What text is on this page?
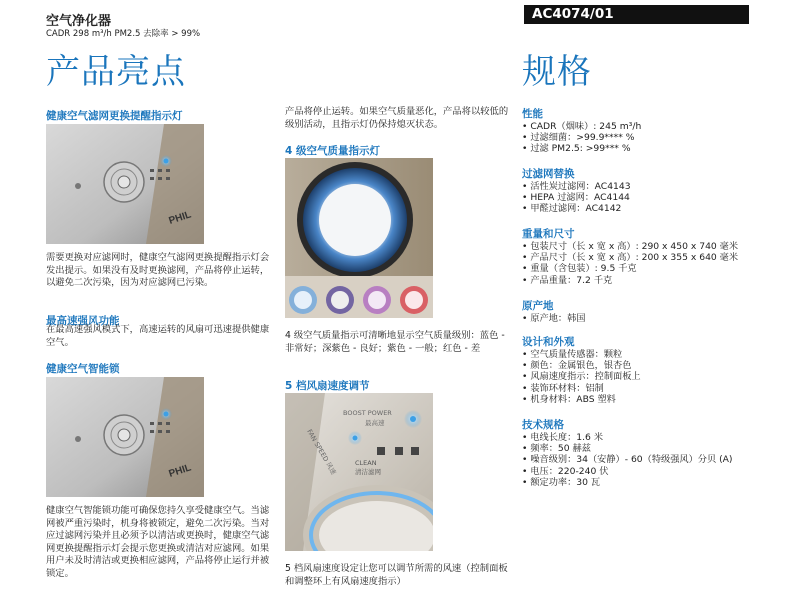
空气净化器
CADR 298 m³/h PM2.5 去除率 > 99%
AC4074/01
产品亮点	规格
健康空气滤网更换提醒指示灯
PHIL
需要更换对应滤网时，健康空气滤网更换提醒指示灯会发出提示。如果没有及时更换滤网，产品将停止运转，以避免二次污染，因为对应滤网已污染。
最高速强风功能
在最高速强风模式下，高速运转的风扇可迅速提供健康空气。
健康空气智能锁
PHIL
健康空气智能锁功能可确保您持久享受健康空气。当滤网被严重污染时，机身将被锁定，避免二次污染。当对应过滤网污染并且必须予以清洁或更换时，健康空气滤网更换提醒指示灯会提示您更换或清洁对应滤网。如果用户未及时清洁或更换相应滤网，产品将停止运行并被锁定。
产品将停止运转。如果空气质量恶化，产品将以较低的级别活动，且指示灯仍保持熄灭状态。
4 级空气质量指示灯
4 级空气质量指示可清晰地显示空气质量级别：蓝色 - 非常好；深紫色 - 良好；紫色 - 一般；红色 - 差
5 档风扇速度调节
BOOST POWER
最高速
CLEAN
清洁滤网
FAN SPEED 风速
5 档风扇速度设定让您可以调节所需的风速（控制面板和调整环上有风扇速度指示）
性能
• CADR（烟味）: 245 m³/h
• 过滤细菌：>99.9**** %
• 过滤 PM2.5: >99*** %
过滤网替换
• 活性炭过滤网：AC4143
• HEPA 过滤网：AC4144
• 甲醛过滤网：AC4142
重量和尺寸
• 包装尺寸（长 x 宽 x 高）: 290 x 450 x 740 毫米
• 产品尺寸（长 x 宽 x 高）: 200 x 355 x 640 毫米
• 重量（含包装）: 9.5 千克
• 产品重量：7.2 千克
原产地
• 原产地：韩国
设计和外观
• 空气质量传感器：颗粒
• 颜色：金属银色，银杏色
• 风扇速度指示：控制面板上
• 装饰环材料：铝制
• 机身材料：ABS 塑料
技术规格
• 电线长度：1.6 米
• 频率：50 赫兹
• 噪音级别：34（安静）- 60（特级强风）分贝 (A)
• 电压：220-240 伏
• 额定功率：30 瓦
